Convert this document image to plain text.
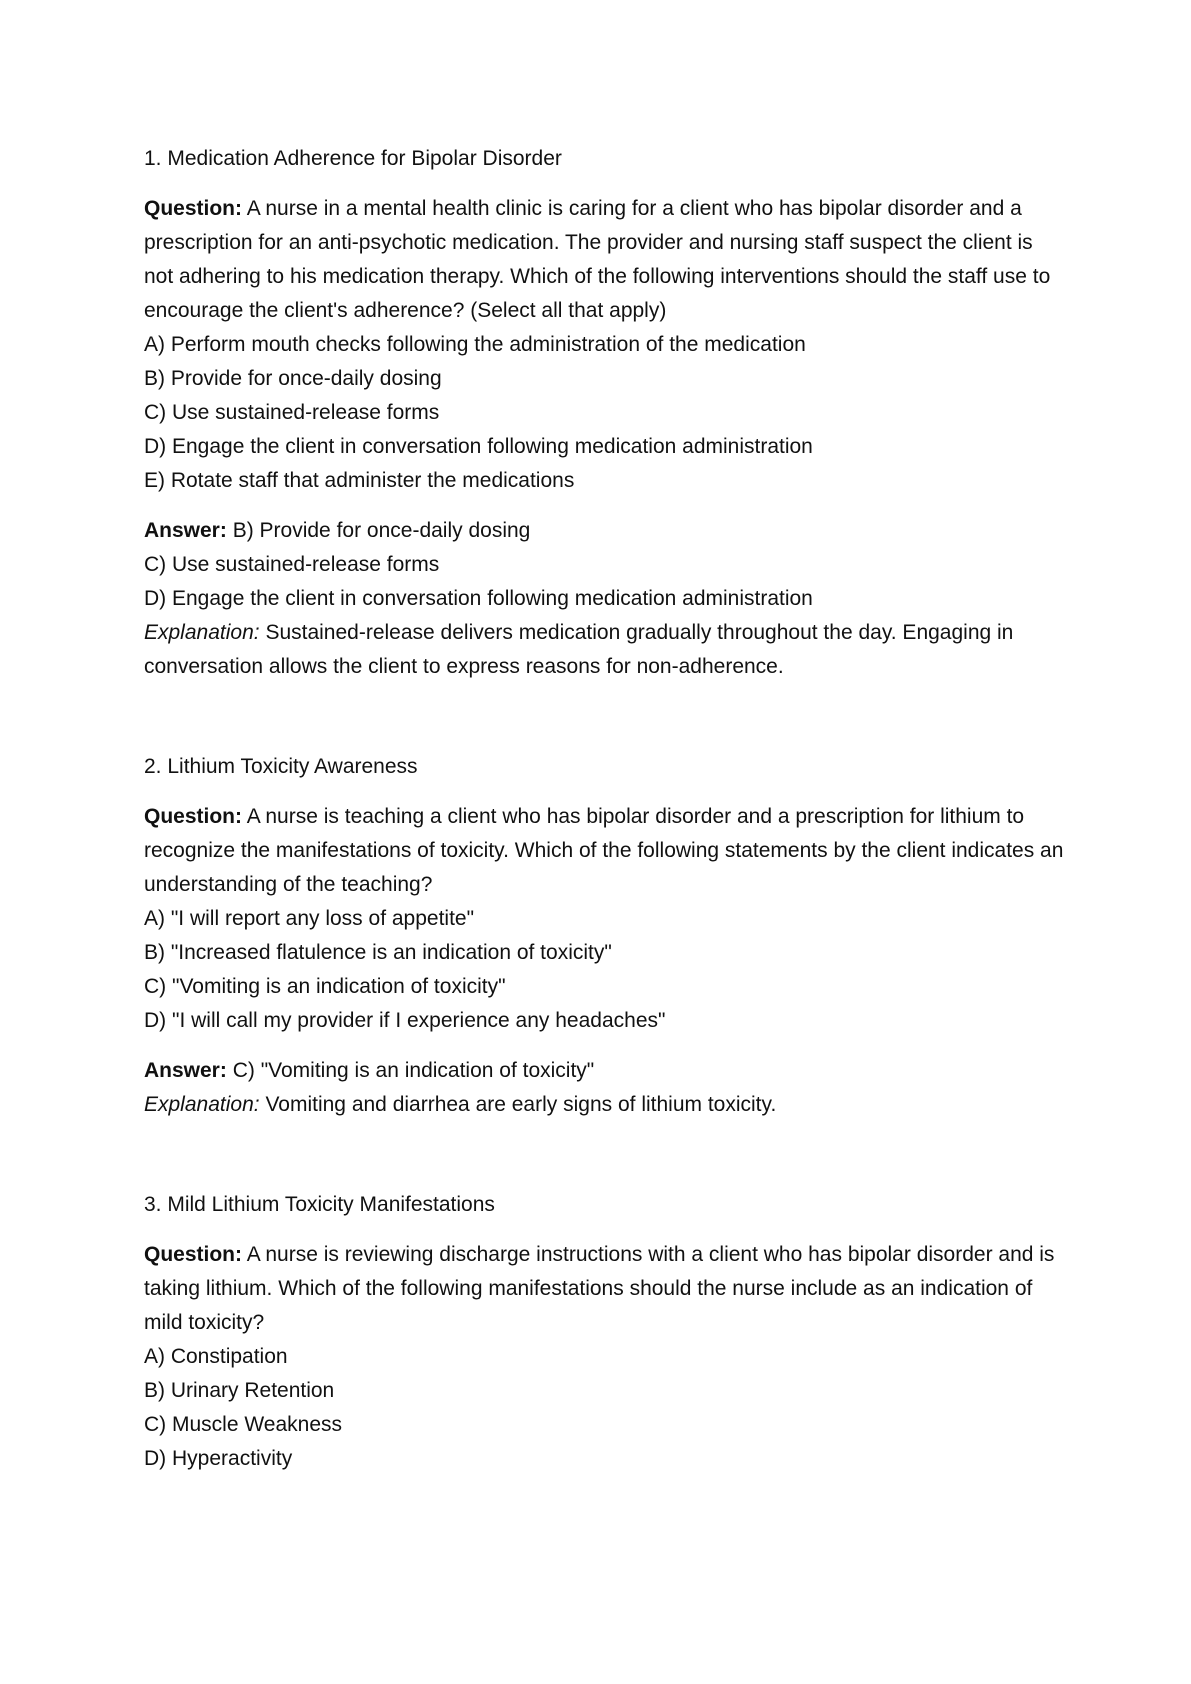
1. Medication Adherence for Bipolar Disorder

Question: A nurse in a mental health clinic is caring for a client who has bipolar disorder and a prescription for an anti-psychotic medication. The provider and nursing staff suspect the client is not adhering to his medication therapy. Which of the following interventions should the staff use to encourage the client's adherence? (Select all that apply)

A) Perform mouth checks following the administration of the medication

B) Provide for once-daily dosing

C) Use sustained-release forms

D) Engage the client in conversation following medication administration

E) Rotate staff that administer the medications

Answer: B) Provide for once-daily dosing

C) Use sustained-release forms

D) Engage the client in conversation following medication administration

Explanation: Sustained-release delivers medication gradually throughout the day. Engaging in conversation allows the client to express reasons for non-adherence.

2. Lithium Toxicity Awareness

Question: A nurse is teaching a client who has bipolar disorder and a prescription for lithium to recognize the manifestations of toxicity. Which of the following statements by the client indicates an understanding of the teaching?

A) "I will report any loss of appetite"

B) "Increased flatulence is an indication of toxicity"

C) "Vomiting is an indication of toxicity"

D) "I will call my provider if I experience any headaches"

Answer: C) "Vomiting is an indication of toxicity"

Explanation: Vomiting and diarrhea are early signs of lithium toxicity.

3. Mild Lithium Toxicity Manifestations

Question: A nurse is reviewing discharge instructions with a client who has bipolar disorder and is taking lithium. Which of the following manifestations should the nurse include as an indication of mild toxicity?

A) Constipation

B) Urinary Retention

C) Muscle Weakness

D) Hyperactivity
